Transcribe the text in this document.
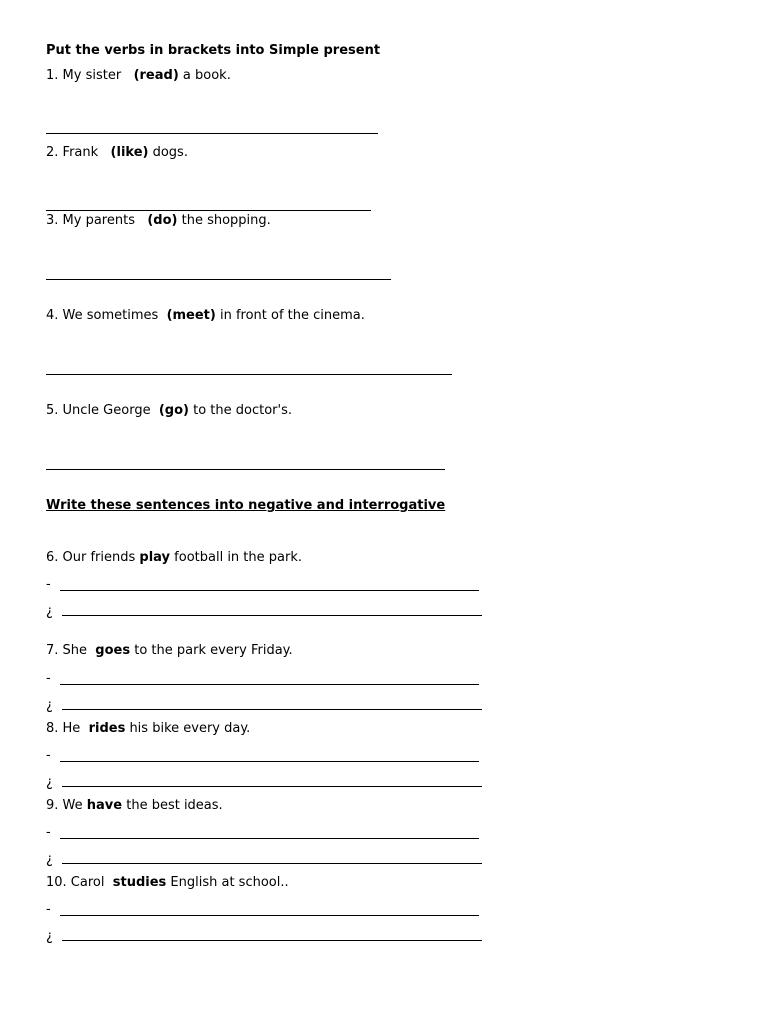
Put the verbs in brackets into Simple present
1. My sister   (read) a book.
2. Frank   (like) dogs.
3. My parents   (do) the shopping.
4. We sometimes  (meet) in front of the cinema.
5. Uncle George  (go) to the doctor's.
Write these sentences into negative and interrogative
6. Our friends play football in the park.
-
¿
7. She  goes to the park every Friday.
-
¿
8. He  rides his bike every day.
-
¿
9. We have the best ideas.
-
¿
10. Carol  studies English at school..
-
¿
